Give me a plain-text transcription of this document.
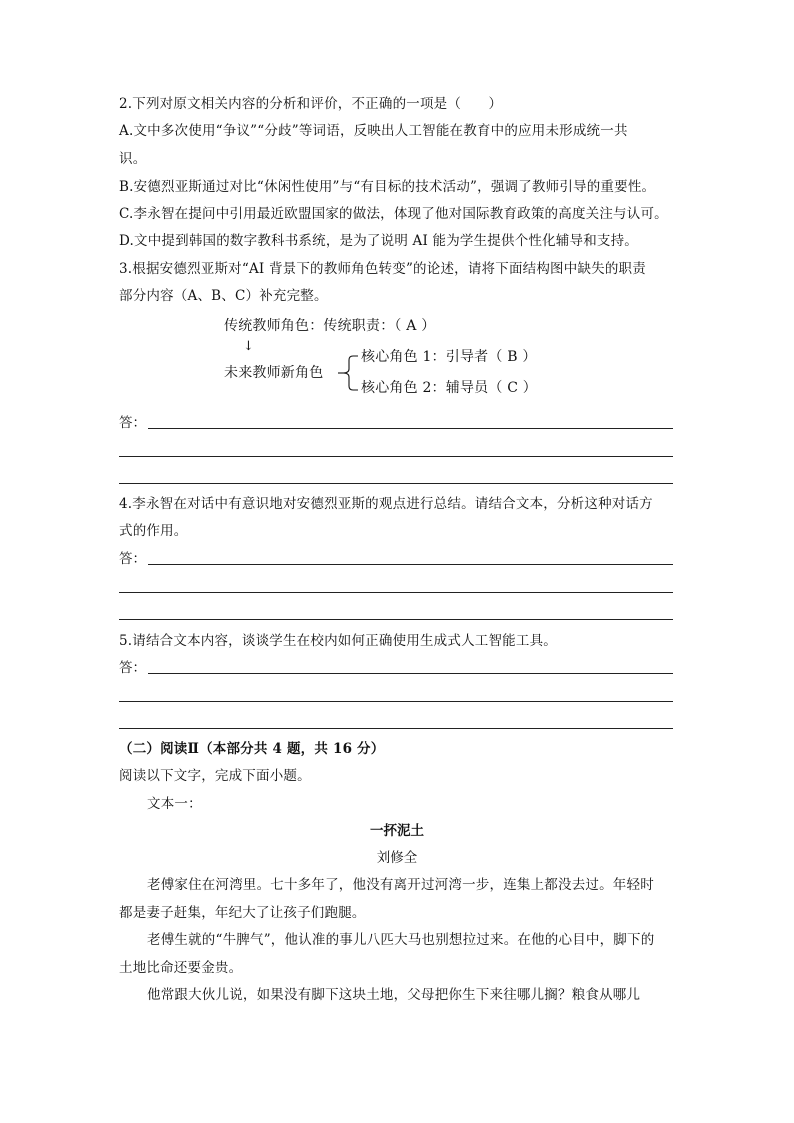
2.下列对原文相关内容的分析和评价，不正确的一项是（　　）
A.文中多次使用“争议”“分歧”等词语，反映出人工智能在教育中的应用未形成统一共
识。
B.安德烈亚斯通过对比“休闲性使用”与“有目标的技术活动”，强调了教师引导的重要性。
C.李永智在提问中引用最近欧盟国家的做法，体现了他对国际教育政策的高度关注与认可。
D.文中提到韩国的数字教科书系统，是为了说明 AI 能为学生提供个性化辅导和支持。
3.根据安德烈亚斯对“AI 背景下的教师角色转变”的论述，请将下面结构图中缺失的职责
部分内容（A、B、C）补充完整。
传统教师角色：传统职责：（ A ）
↓
未来教师新角色
核心角色 1：引导者（ B ）
核心角色 2：辅导员（ C ）
答：
4.李永智在对话中有意识地对安德烈亚斯的观点进行总结。请结合文本，分析这种对话方
式的作用。
答：
5.请结合文本内容，谈谈学生在校内如何正确使用生成式人工智能工具。
答：
（二）阅读Ⅱ（本部分共 4 题，共 16 分）
阅读以下文字，完成下面小题。
文本一：
一抔泥土
刘修全
老傅家住在河湾里。七十多年了，他没有离开过河湾一步，连集上都没去过。年轻时
都是妻子赶集，年纪大了让孩子们跑腿。
老傅生就的“牛脾气”，他认准的事儿八匹大马也别想拉过来。在他的心目中，脚下的
土地比命还要金贵。
他常跟大伙儿说，如果没有脚下这块土地，父母把你生下来往哪儿搁？粮食从哪儿
